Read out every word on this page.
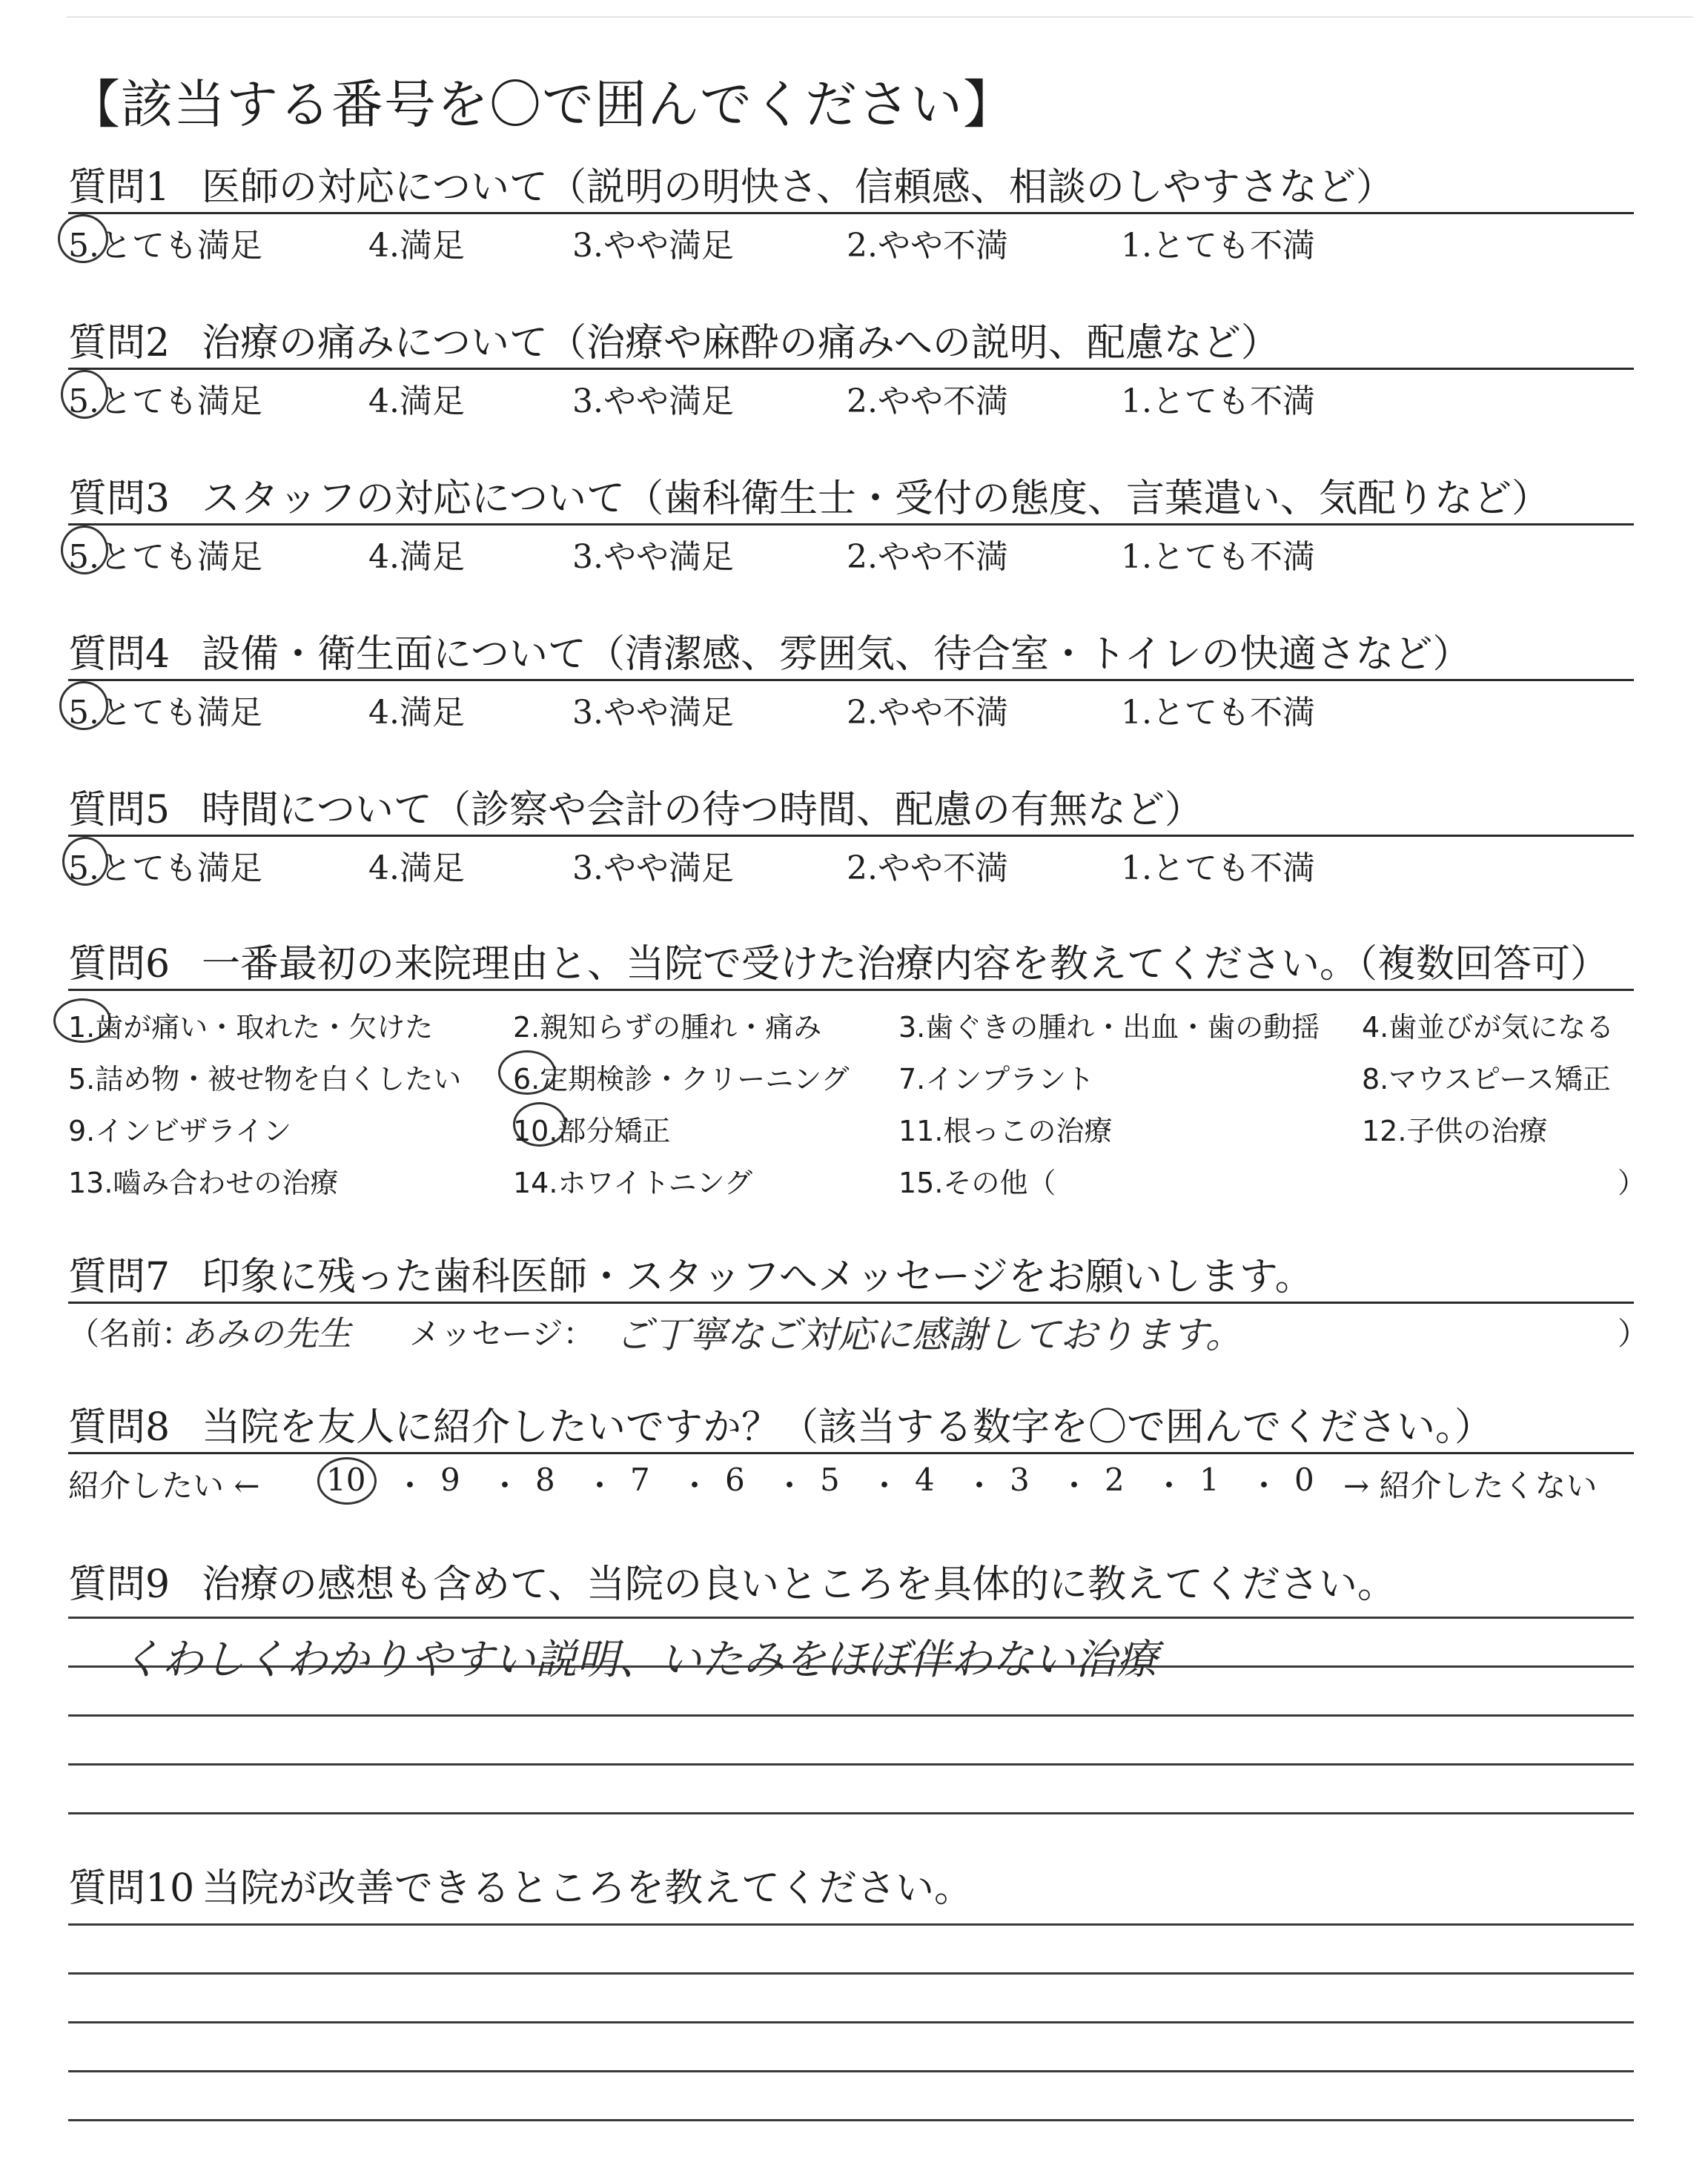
【該当する番号を〇で囲んでください】
質問1 医師の対応について（説明の明快さ、信頼感、相談のしやすさなど）
5.とても満足	4.満足	3.やや満足	2.やや不満	1.とても不満
質問2 治療の痛みについて（治療や麻酔の痛みへの説明、配慮など）
5.とても満足	4.満足	3.やや満足	2.やや不満	1.とても不満
質問3 スタッフの対応について（歯科衛生士・受付の態度、言葉遣い、気配りなど）
5.とても満足	4.満足	3.やや満足	2.やや不満	1.とても不満
質問4 設備・衛生面について（清潔感、雰囲気、待合室・トイレの快適さなど）
5.とても満足	4.満足	3.やや満足	2.やや不満	1.とても不満
質問5 時間について（診察や会計の待つ時間、配慮の有無など）
5.とても満足	4.満足	3.やや満足	2.やや不満	1.とても不満
質問6 一番最初の来院理由と、当院で受けた治療内容を教えてください。（複数回答可）
1.歯が痛い・取れた・欠けた	2.親知らずの腫れ・痛み	3.歯ぐきの腫れ・出血・歯の動揺 4.歯並びが気になる
5.詰め物・被せ物を白くしたい 6.定期検診・クリーニング 7.インプラント	8.マウスピース矯正
9.インビザライン	10.部分矯正	11.根っこの治療	12.子供の治療
13.嚙み合わせの治療	14.ホワイトニング	15.その他（	）
質問7 印象に残った歯科医師・スタッフへメッセージをお願いします。
（名前：
あみの先生 メッセージ： ご丁寧なご対応に感謝しております。	）
質問8 当院を友人に紹介したいですか？（該当する数字を〇で囲んでください。）
紹介したい ← 10 ・ 9 ・ 8 ・ 7 ・ 6 ・ 5 ・ 4 ・ 3 ・ 2 ・ 1 ・ 0 → 紹介したくない
質問9 治療の感想も含めて、当院の良いところを具体的に教えてください。
くわしくわかりやすい説明、いたみをほぼ伴わない治療
質問10 当院が改善できるところを教えてください。
